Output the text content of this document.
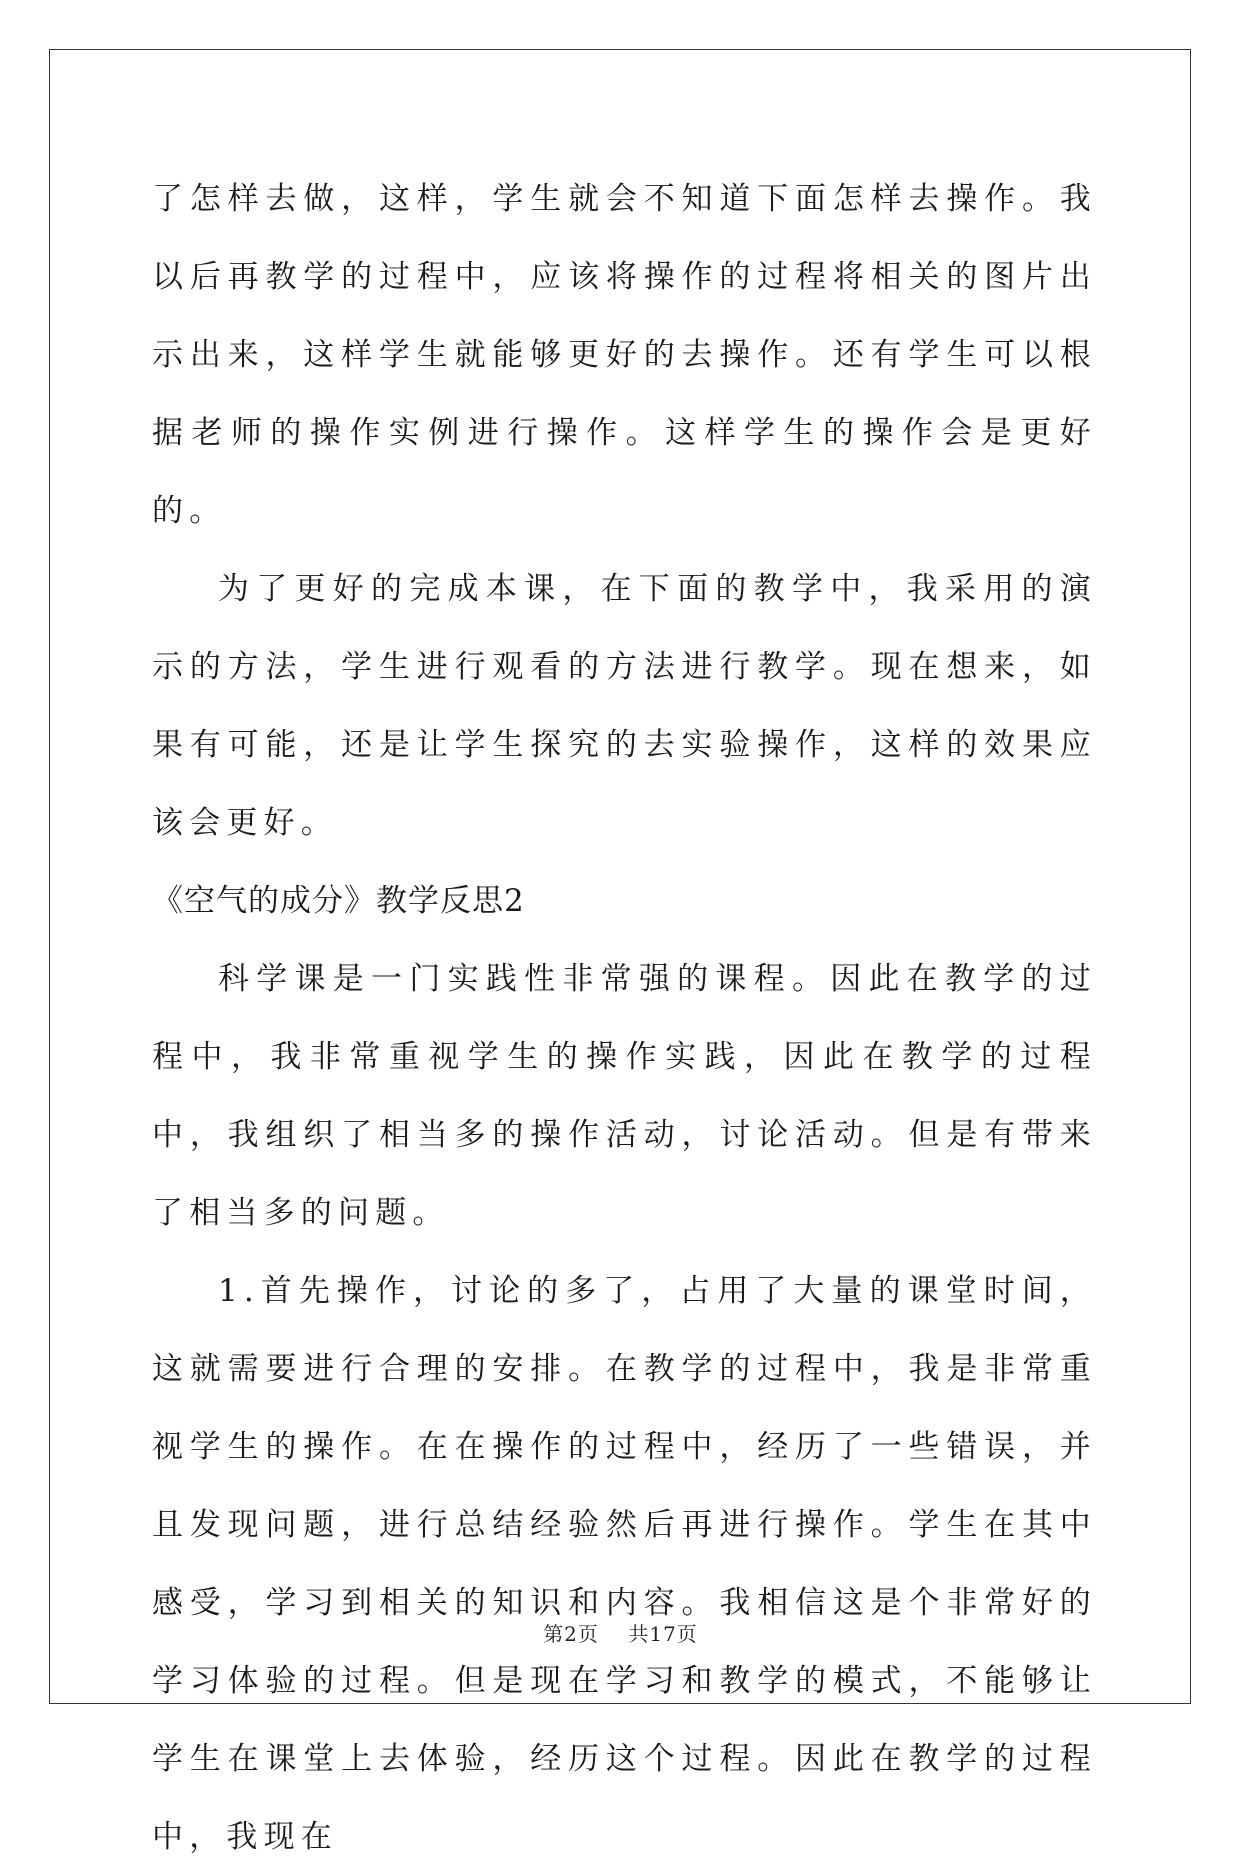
了怎样去做，这样，学生就会不知道下面怎样去操作。我以后再教学的过程中，应该将操作的过程将相关的图片出示出来，这样学生就能够更好的去操作。还有学生可以根据老师的操作实例进行操作。这样学生的操作会是更好的。

为了更好的完成本课，在下面的教学中，我采用的演示的方法，学生进行观看的方法进行教学。现在想来，如果有可能，还是让学生探究的去实验操作，这样的效果应该会更好。

《空气的成分》教学反思2

科学课是一门实践性非常强的课程。因此在教学的过程中，我非常重视学生的操作实践，因此在教学的过程中，我组织了相当多的操作活动，讨论活动。但是有带来了相当多的问题。

1.首先操作，讨论的多了，占用了大量的课堂时间，这就需要进行合理的安排。在教学的过程中，我是非常重视学生的操作。在在操作的过程中，经历了一些错误，并且发现问题，进行总结经验然后再进行操作。学生在其中感受，学习到相关的知识和内容。我相信这是个非常好的学习体验的过程。但是现在学习和教学的模式，不能够让学生在课堂上去体验，经历这个过程。因此在教学的过程中，我现在

第2页 共17页
